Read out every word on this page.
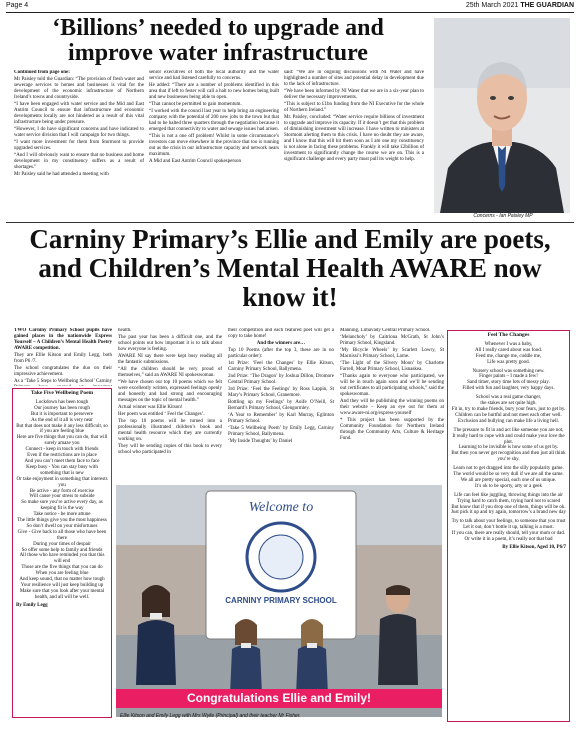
Page 4	25th March 2021 THE GUARDIAN
‘Billions’ needed to upgrade and improve water infrastructure

Continued from page one:

Mr Paisley told the Guardian: “The provision of fresh water and sewerage services to homes and businesses is vital for the development of the economic infrastructure of Northern Ireland’s towns and countryside.

“I have been engaged with water service and the Mid and East Antrim Council to ensure that infrastructure and economic developments locally are not hindered as a result of this vital infrastructure being under pressure.

“However, I do have significant concerns and have indicated to water service division that I will campaign for two things.

“I want more investment for them from Stormont to provide upgraded services.

“And I will obviously want to ensure that no business and home development in my constituency suffers as a result of shortages.”

Mr Paisley said he had attended a meeting with

senior executives of both the local authority and the water service and had listened carefully to concerns.

He added: “There are a number of problems identified in this area that if left to fester will call a halt to new homes being built and new businesses being able to open.

“That cannot be permitted to gain momentum.

“I worked with the council last year to help bring an engineering company with the potential of 200 new jobs to the town but that had to be halted three quarters through the negotiation because it emerged that connectivity to water and sewage issues had arisen.

“This is not a one off problem! Whilst in some circumstance’s investors can move elsewhere in the province that too is running out as the crisis in our infrastructure capacity and network nears maximum.

A Mid and East Antrim Council spokesperson

said: “We are in ongoing discussions with NI Water and have highlighted a number of sites and potential delay in development due to the lack of infrastructure.

“We have been informed by NI Water that we are in a six-year plan to deliver the necessary improvements.

“This is subject to £1bn funding from the NI Executive for the whole of Northern Ireland.”

Mr. Paisley, concluded: “Water service require billions of investment to upgrade and improve its capacity. If it doesn’t get that this problem of diminishing investment will increase. I have written to ministers at Stormont alerting them to this crisis. I have no doubt they are aware, and I know that this will hit them soon as I am one my constituency is not alone in facing these problems. Frankly it will take £2billion of investment to significantly change the course we are on. This is a significant challenge and every party must pull its weight to help.

Concerns - Ian Paisley MP
Carniny Primary’s Ellie and Emily are poets, and Children’s Mental Health AWARE now know it!

TWO Carniny Primary School pupils have gained places in the nationwide Express Yourself – A Children’s Mental Health Poetry AWARE competition.

They are Ellie Kitson and Emily Legg, both from P6 /7.

The school congratulates the duo on their impressive achievement.

As a ‘Take 5 Steps to Wellbeing School’ Carniny

Take Five Wellbeing Poem
Lockdown has been tough
Our journey has been rough
But it is important to persevere
As the end of it all is very near
But that does not make it any less difficult, so if you are feeling blue
Here are five things that you can do, that will surely amaze you
Connect - keep in touch with friends
Even if the restrictions are in place
And you can’t meet them face to face
Keep busy - You can stay busy with something that is new
Or take enjoyment in something that interests you
Be active - any form of exercise
Will cause your stress to subside
So make sure you’re active every day, as keeping fit is the way
Take notice - be more attune
The little things give you the most happiness
So don’t dwell on your misfortunes
Give - Give back to all those who have been there
During your times of despair
So offer some help to family and friends
All those who have reminded you that this will end
Those are the five things that you can do
When you are feeling blue
And keep sound, that no matter how tough
Your resilience will just keep building up
Make sure that you look after your mental health, and all will be well.
By Emily Legg

health.

The past year has been a difficult one, and the school points out how important it is to talk about how everyone is feeling.

AWARE NI say there were kept busy reading all the fantastic submissions.

“All the children should be very proud of themselves,” said an AWARE NI spokeswoman.

“We have chosen our top 10 poems which we felt were excellently written, expressed feelings openly and honestly and had strong and encouraging messages on the topic of mental health.”

Actual winner was Ellie Kitson!

Her poem was entitled ‘ Feel the Changes’.

The top 10 poems will be turned into a professionally illustrated children’s book and mental health resource which they are currently working on.

They will be sending copies of this book to every school who participated in

their competition and each featured poet will get a copy to take home!

And the winners are…

Top 10 Poems (after the top 3, these are in no particular order):

1st Prize: ‘Feel the Changes’ by Ellie Kitson, Carniny Primary School, Ballymena.

2nd Prize: ‘The Dragon’ by Joshua Dillon, Dromore Central Primary School.

3rd Prize: ‘Feel the Feelings’ by Ross Lappin, St Mary’s Primary School, Granemore.

Bottling up my Feelings’ by Aoife O’Neill, St Bernard’s Primary School, Glengormley.

‘A Year to Remember’ by Karl Murray, Eglinton Primary School.

‘Take 5 Wellbeing Poem’ by Emily Legg, Carniny Primary School, Ballymena.

‘My Inside Thoughts’ by Daniel

Manning, Limavady Central Primary School.

‘Melancholy’ by Caitríona McGrath, St John’s Primary School, Kingsland.

‘My Bicycle Wheels’ by Scarlett Lowry, St Macnissi’s Primary School, Larne.

‘The Light of the Silvery Moon’ by Charlotte Farrell, Moat Primary School, Lisnaskea.

“Thanks again to everyone who participated, we will be in touch again soon and we’ll be sending out certificates to all participating schools,” said the spokeswoman.

And they will be publishing the winning poems on their website – Keep an eye out for them at www.aware-ni.org/express-yourself

* This project has been supported by the Community Foundation for Northern Ireland through the Community Arts, Culture & Heritage Fund.

Welcome to
CARNINY PRIMARY SCHOOL
Congratulations Ellie and Emily!
Ellie Kitson and Emily Legg with Mrs Wylie (Principal) and their teacher Mr Fisher.
Feel The Changes
Whenever I was a baby,
All I really cared about was food.
Feed me, change me, cuddle me,
Life was pretty good.
Nursery school was something new.
Finger paints – I made a few!
Sand timer, story time lots of messy play.
Filled with fun and laughter, very happy days.
School was a real game changer,
the stakes are set quite high.
Fit in, try to make friends, bury your fears, just to get by.
Children can be hurtful and not meet each other well.
Exclusion and bullying can make life a living hell.
The pressure to fit in and act like someone you are not,
It really hard to cope with and could make your love the plot.
Learning to be invisible is how some of us get by.
But then you never get recognition and then just all think you’re shy.
Learn not to get dragged into the silly popularity game.
The world would be so very dull if we are all the same.
We all are pretty special, each one of us unique.
It’s ok to be sporty, arty or a geek
Life can feel like juggling, throwing things into the air
Trying hard to catch them, trying hard not to scared
But know that if you drop one of them, things will be ok.
Just pick it up and try again, tomorrow’s a brand new day
Try to talk about your feelings, to someone that you trust
Let it out, don’t bottle it up, talking is a must.
If you can, there are really should, tell your mum or dad.
Or write it in a poem, it’s really not that bad
By Ellie Kitson, Aged 10, P6/7
